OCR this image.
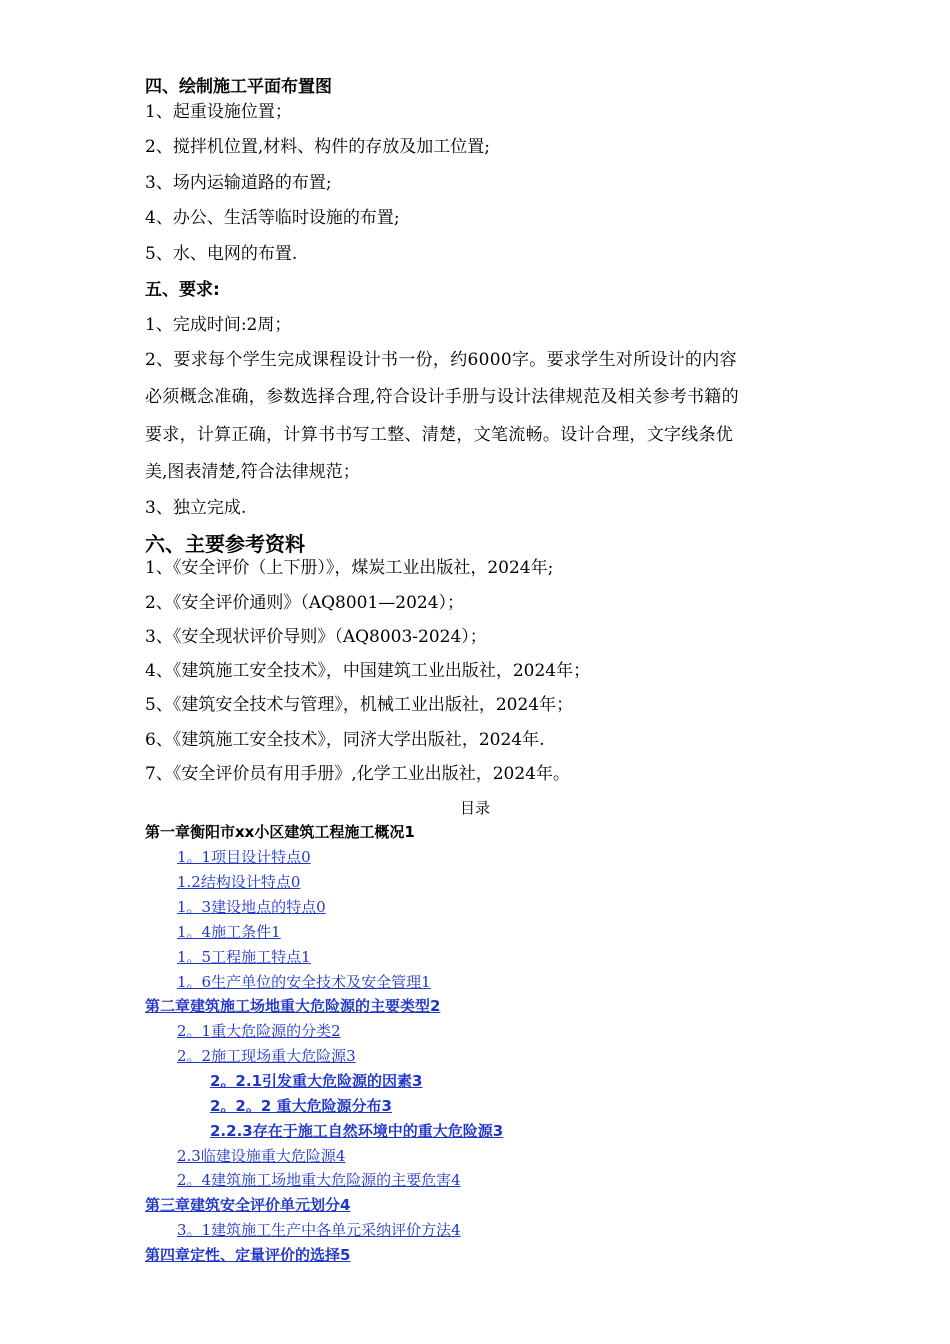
四、绘制施工平面布置图
1、起重设施位置；
2、搅拌机位置,材料、构件的存放及加工位置;
3、场内运输道路的布置;
4、办公、生活等临时设施的布置;
5、水、电网的布置.
五、要求:
1、完成时间:2周；
2、要求每个学生完成课程设计书一份，约6000字。要求学生对所设计的内容
必须概念准确，参数选择合理,符合设计手册与设计法律规范及相关参考书籍的
要求，计算正确，计算书书写工整、清楚，文笔流畅。设计合理，文字线条优
美,图表清楚,符合法律规范；
3、独立完成.
六、主要参考资料
1、《安全评价（上下册）》，煤炭工业出版社，2024年;
2、《安全评价通则》（AQ8001—2024）；
3、《安全现状评价导则》（AQ8003-2024）；
4、《建筑施工安全技术》，中国建筑工业出版社，2024年；
5、《建筑安全技术与管理》，机械工业出版社，2024年；
6、《建筑施工安全技术》，同济大学出版社，2024年.
7、《安全评价员有用手册》,化学工业出版社，2024年。
目录
第一章衡阳市xx小区建筑工程施工概况1
1。1项目设计特点0
1.2结构设计特点0
1。3建设地点的特点0
1。4施工条件1
1。5工程施工特点1
1。6生产单位的安全技术及安全管理1
第二章建筑施工场地重大危险源的主要类型2
2。1重大危险源的分类2
2。2施工现场重大危险源3
2。2.1引发重大危险源的因素3
2。2。2 重大危险源分布3
2.2.3存在于施工自然环境中的重大危险源3
2.3临建设施重大危险源4
2。4建筑施工场地重大危险源的主要危害4
第三章建筑安全评价单元划分4
3。1建筑施工生产中各单元采纳评价方法4
第四章定性、定量评价的选择5
